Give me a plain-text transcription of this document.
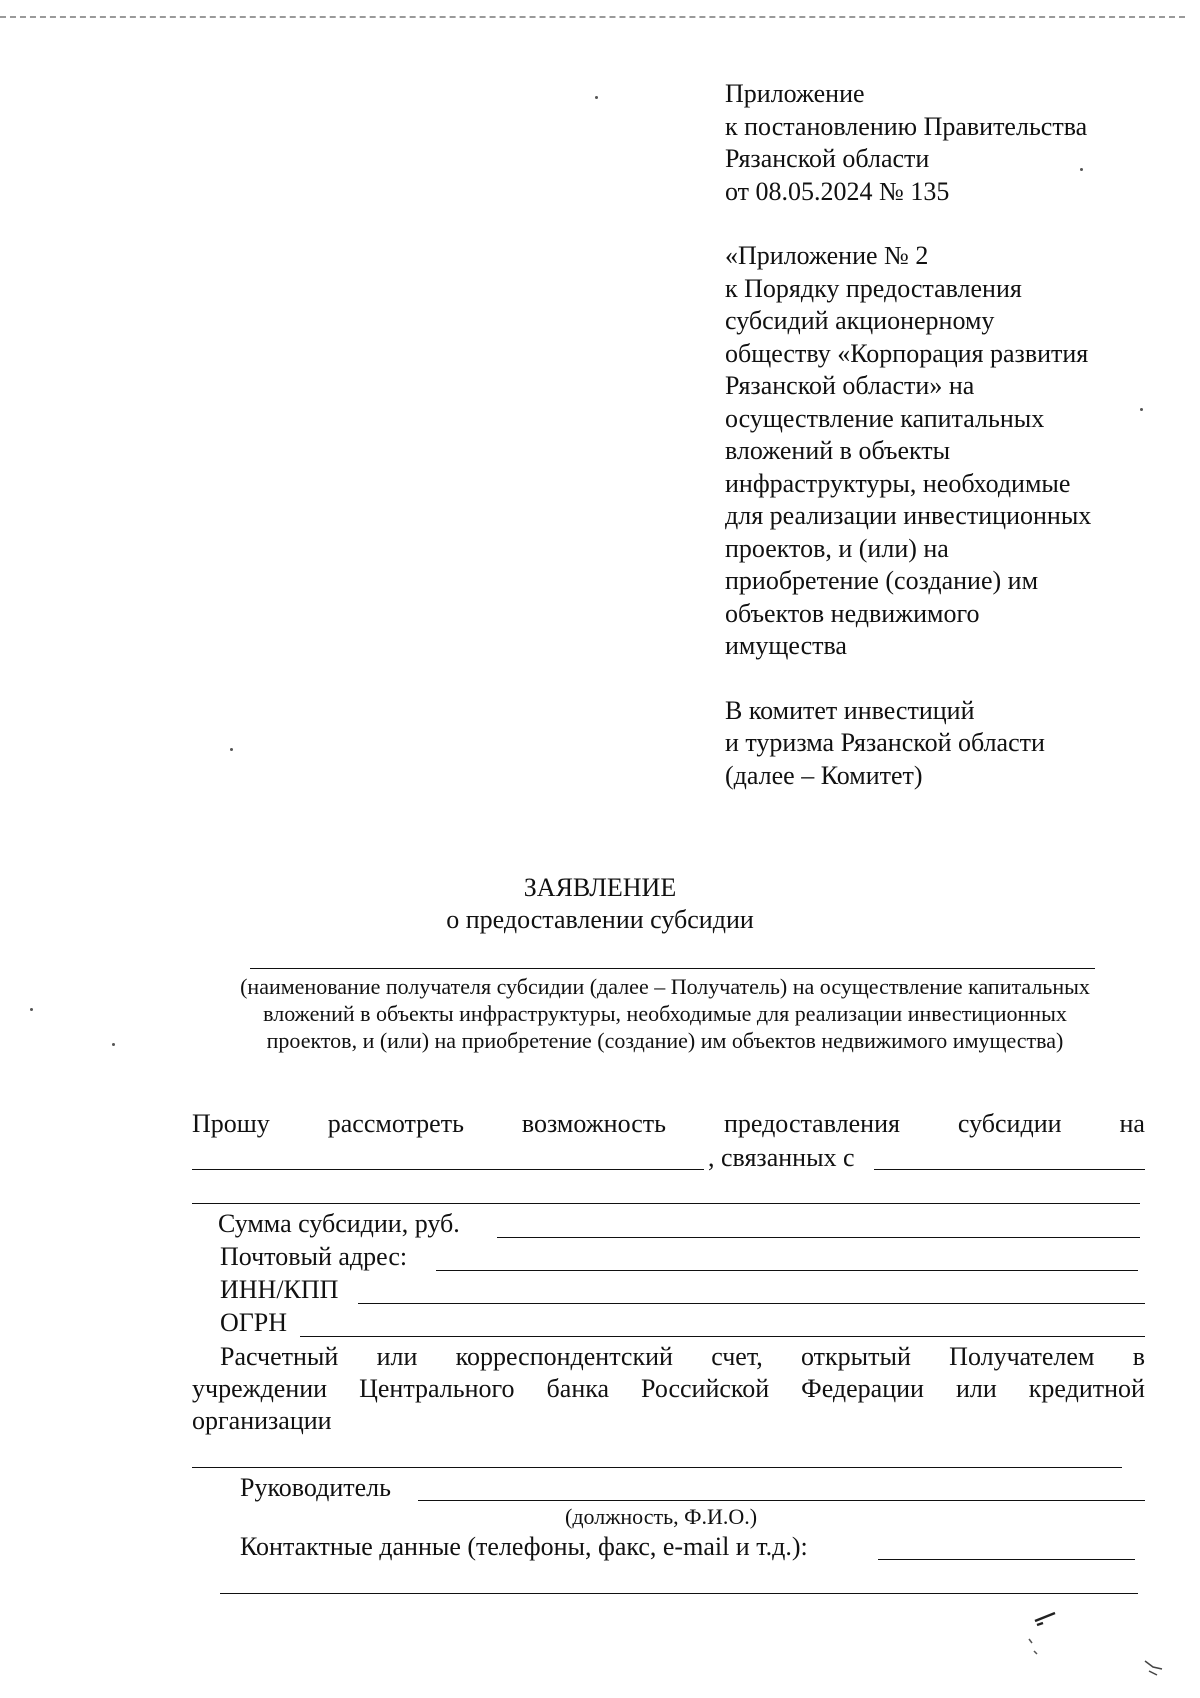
Приложение
к постановлению Правительства
Рязанской области
от 08.05.2024 № 135
«Приложение № 2
к Порядку предоставления
субсидий акционерному
обществу «Корпорация развития
Рязанской области» на
осуществление капитальных
вложений в объекты
инфраструктуры, необходимые
для реализации инвестиционных
проектов, и (или) на
приобретение (создание) им
объектов недвижимого
имущества
В комитет инвестиций
и туризма Рязанской области
(далее – Комитет)
ЗАЯВЛЕНИЕ
о предоставлении субсидии
(наименование получателя субсидии (далее – Получатель) на осуществление капитальных вложений в объекты инфраструктуры, необходимые для реализации инвестиционных проектов, и (или) на приобретение (создание) им объектов недвижимого имущества)
Прошу рассмотреть возможность предоставления субсидии на
, связанных с
Сумма субсидии, руб.
Почтовый адрес:
ИНН/КПП
ОГРН
Расчетный или корреспондентский счет, открытый Получателем в
учреждении Центрального банка Российской Федерации или кредитной
организации
Руководитель
(должность, Ф.И.О.)
Контактные данные (телефоны, факс, e-mail и т.д.):
